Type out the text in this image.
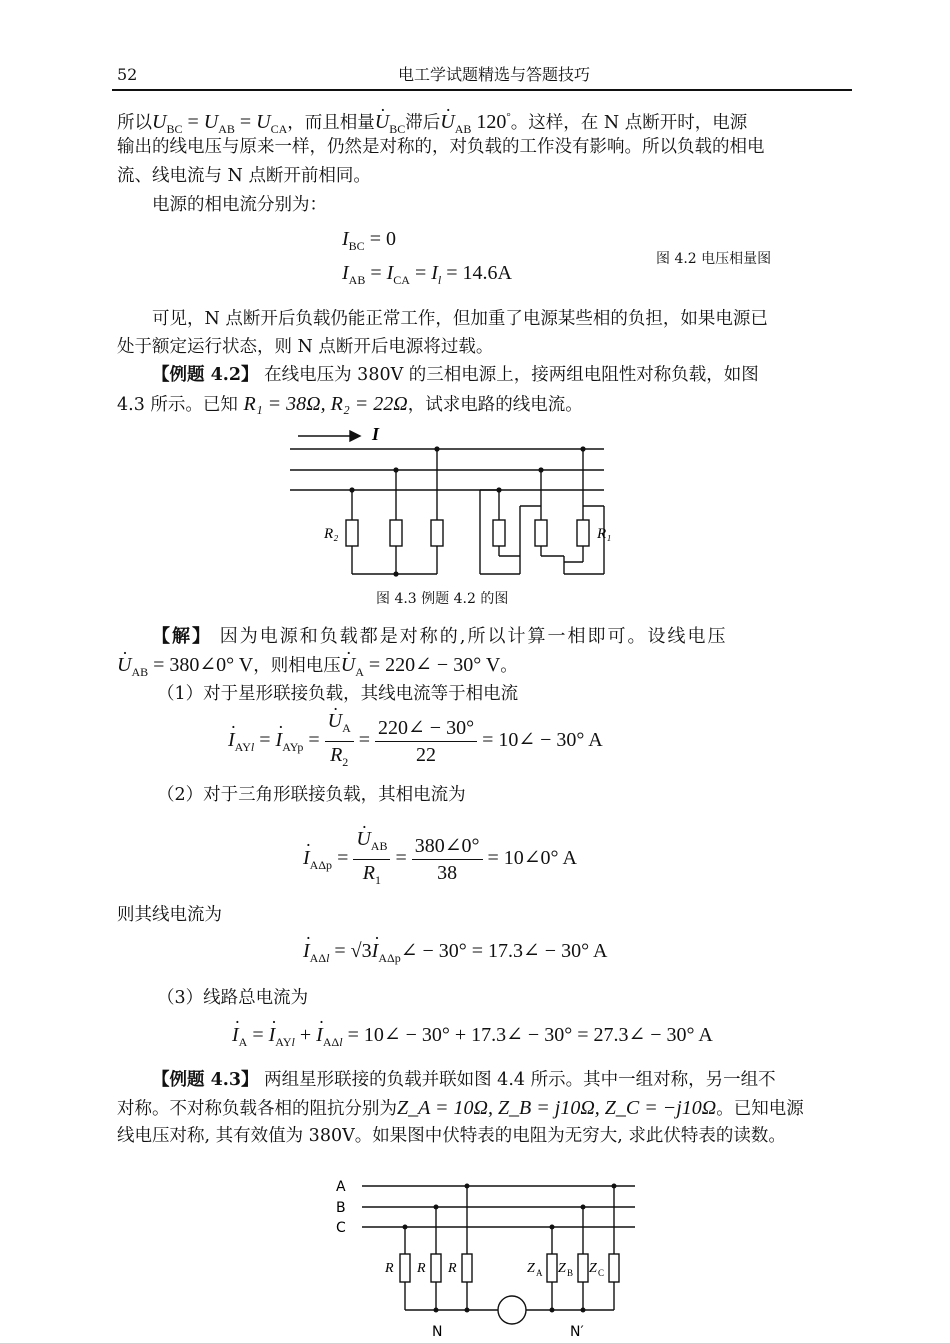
52	电工学试题精选与答题技巧
所以$U_{BC} = U_{AB} = U_{CA}$，而且相量· $U_{BC}$滞后· $U_{AB}$ 120°。这样，在 N 点断开时，电源
输出的线电压与原来一样，仍然是对称的，对负载的工作没有影响。所以负载的相电
流、线电流与 N 点断开前相同。
电源的相电流分别为：
$I_{BC} = 0$
$I_{AB} = I_{CA} = I_l = 14.6A$
图 4.2 电压相量图
可见，N 点断开后负载仍能正常工作，但加重了电源某些相的负担，如果电源已
处于额定运行状态，则 N 点断开后电源将过载。
【例题 4.2】 在线电压为 380V 的三相电源上，接两组电阻性对称负载，如图
4.3 所示。已知 R₁ = 38Ω, R₂ = 22Ω，试求电路的线电流。
I
R₂	R₁
图 4.3 例题 4.2 的图
【解】 因为电源和负载都是对称的,所以计算一相即可。设线电压
· $U_{AB}$ = 380∠0° V，则相电压· $U_A$ = 220∠ − 30° V。
（1）对于星形联接负载，其线电流等于相电流
· $I_{AYl}$ = · $I_{AYp}$ = · $\frac{U_A}{R_2} = \frac{220\angle - 30^\circ}{22}$ = 10∠ − 30° A
（2）对于三角形联接负载，其相电流为
· $I_{A\Delta p}$ = · $\frac{U_{AB}}{R_1} = \frac{380\angle 0^\circ}{38}$ = 10∠0° A
则其线电流为
· $I_{A\Delta l} = √3\cdot$ $I_{A\Delta p}\angle - 30^\circ$ = 17.3∠ − 30° A
（3）线路总电流为
· $I_A$ = · $I_{AYl}$ + · $I_{A\Delta l}$ = 10∠ − 30° + 17.3∠ − 30° = 27.3∠ − 30° A
【例题 4.3】 两组星形联接的负载并联如图 4.4 所示。其中一组对称，另一组不
对称。不对称负载各相的阻抗分别为Z_A = 10Ω, Z_B = j10Ω, Z_C = −j10Ω。已知电源
线电压对称, 其有效值为 380V。如果图中伏特表的电阻为无穷大, 求此伏特表的读数。
A
B
C
N	N′
R R R	Z Z Z
A	B	C
